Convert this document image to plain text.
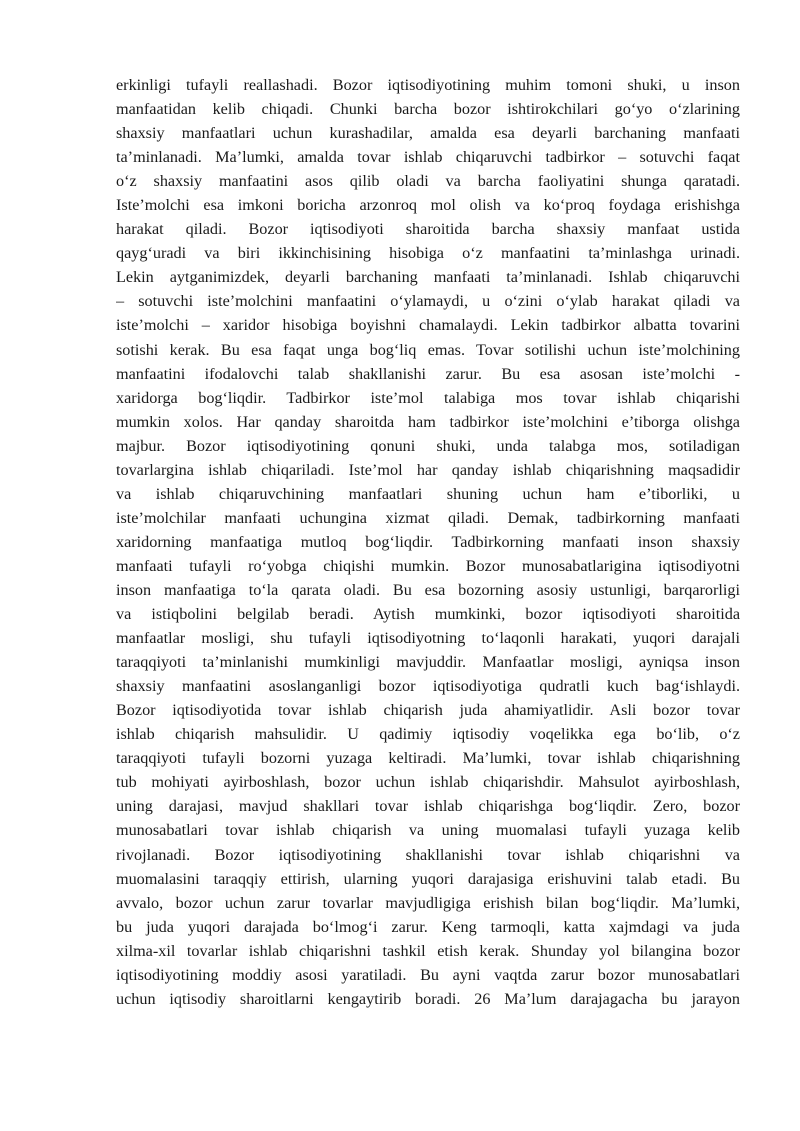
erkinligi tufayli reallashadi. Bozor iqtisodiyotining muhim tomoni shuki, u inson
manfaatidan kelib chiqadi. Chunki barcha bozor ishtirokchilari go‘yo o‘zlarining
shaxsiy manfaatlari uchun kurashadilar, amalda esa deyarli barchaning manfaati
ta’minlanadi. Ma’lumki, amalda tovar ishlab chiqaruvchi tadbirkor – sotuvchi faqat
o‘z shaxsiy manfaatini asos qilib oladi va barcha faoliyatini shunga qaratadi.
Iste’molchi esa imkoni boricha arzonroq mol olish va ko‘proq foydaga erishishga
harakat qiladi. Bozor iqtisodiyoti sharoitida barcha shaxsiy manfaat ustida
qayg‘uradi va biri ikkinchisining hisobiga o‘z manfaatini ta’minlashga urinadi.
Lekin aytganimizdek, deyarli barchaning manfaati ta’minlanadi. Ishlab chiqaruvchi
– sotuvchi iste’molchini manfaatini o‘ylamaydi, u o‘zini o‘ylab harakat qiladi va
iste’molchi – xaridor hisobiga boyishni chamalaydi. Lekin tadbirkor albatta tovarini
sotishi kerak. Bu esa faqat unga bog‘liq emas. Tovar sotilishi uchun iste’molchining
manfaatini ifodalovchi talab shakllanishi zarur. Bu esa asosan iste’molchi -
xaridorga bog‘liqdir. Tadbirkor iste’mol talabiga mos tovar ishlab chiqarishi
mumkin xolos. Har qanday sharoitda ham tadbirkor iste’molchini e’tiborga olishga
majbur. Bozor iqtisodiyotining qonuni shuki, unda talabga mos, sotiladigan
tovarlargina ishlab chiqariladi. Iste’mol har qanday ishlab chiqarishning maqsadidir
va ishlab chiqaruvchining manfaatlari shuning uchun ham e’tiborliki, u
iste’molchilar manfaati uchungina xizmat qiladi. Demak, tadbirkorning manfaati
xaridorning manfaatiga mutloq bog‘liqdir. Tadbirkorning manfaati inson shaxsiy
manfaati tufayli ro‘yobga chiqishi mumkin. Bozor munosabatlarigina iqtisodiyotni
inson manfaatiga to‘la qarata oladi. Bu esa bozorning asosiy ustunligi, barqarorligi
va istiqbolini belgilab beradi. Aytish mumkinki, bozor iqtisodiyoti sharoitida
manfaatlar mosligi, shu tufayli iqtisodiyotning to‘laqonli harakati, yuqori darajali
taraqqiyoti ta’minlanishi mumkinligi mavjuddir. Manfaatlar mosligi, ayniqsa inson
shaxsiy manfaatini asoslanganligi bozor iqtisodiyotiga qudratli kuch bag‘ishlaydi.
Bozor iqtisodiyotida tovar ishlab chiqarish juda ahamiyatlidir. Asli bozor tovar
ishlab chiqarish mahsulidir. U qadimiy iqtisodiy voqelikka ega bo‘lib, o‘z
taraqqiyoti tufayli bozorni yuzaga keltiradi. Ma’lumki, tovar ishlab chiqarishning
tub mohiyati ayirboshlash, bozor uchun ishlab chiqarishdir. Mahsulot ayirboshlash,
uning darajasi, mavjud shakllari tovar ishlab chiqarishga bog‘liqdir. Zero, bozor
munosabatlari tovar ishlab chiqarish va uning muomalasi tufayli yuzaga kelib
rivojlanadi. Bozor iqtisodiyotining shakllanishi tovar ishlab chiqarishni va
muomalasini taraqqiy ettirish, ularning yuqori darajasiga erishuvini talab etadi. Bu
avvalo, bozor uchun zarur tovarlar mavjudligiga erishish bilan bog‘liqdir. Ma’lumki,
bu juda yuqori darajada bo‘lmog‘i zarur. Keng tarmoqli, katta xajmdagi va juda
xilma-xil tovarlar ishlab chiqarishni tashkil etish kerak. Shunday yol bilangina bozor
iqtisodiyotining moddiy asosi yaratiladi. Bu ayni vaqtda zarur bozor munosabatlari
uchun iqtisodiy sharoitlarni kengaytirib boradi. 26 Ma’lum darajagacha bu jarayon
